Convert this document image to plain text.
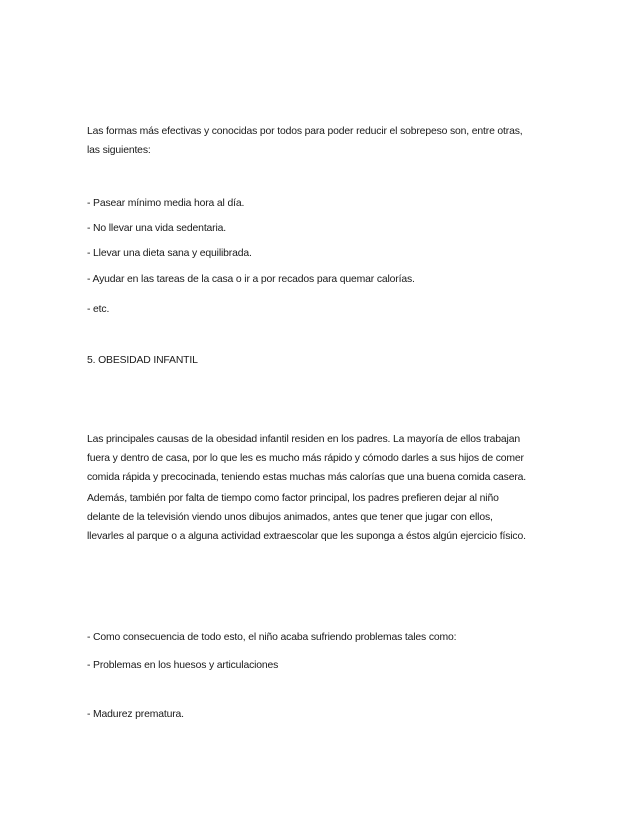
Las formas más efectivas y conocidas por todos para poder reducir el sobrepeso son, entre otras,
las siguientes:

- Pasear mínimo media hora al día.

- No llevar una vida sedentaria.

- Llevar una dieta sana y equilibrada.

- Ayudar en las tareas de la casa o ir a por recados para quemar calorías.

- etc.

5. OBESIDAD INFANTIL

Las principales causas de la obesidad infantil residen en los padres. La mayoría de ellos trabajan
fuera y dentro de casa, por lo que les es mucho más rápido y cómodo darles a sus hijos de comer
comida rápida y precocinada, teniendo estas muchas más calorías que una buena comida casera.

Además, también por falta de tiempo como factor principal, los padres prefieren dejar al niño
delante de la televisión viendo unos dibujos animados, antes que tener que jugar con ellos,
llevarles al parque o a alguna actividad extraescolar que les suponga a éstos algún ejercicio físico.

- Como consecuencia de todo esto, el niño acaba sufriendo problemas tales como:

- Problemas en los huesos y articulaciones

- Madurez prematura.
